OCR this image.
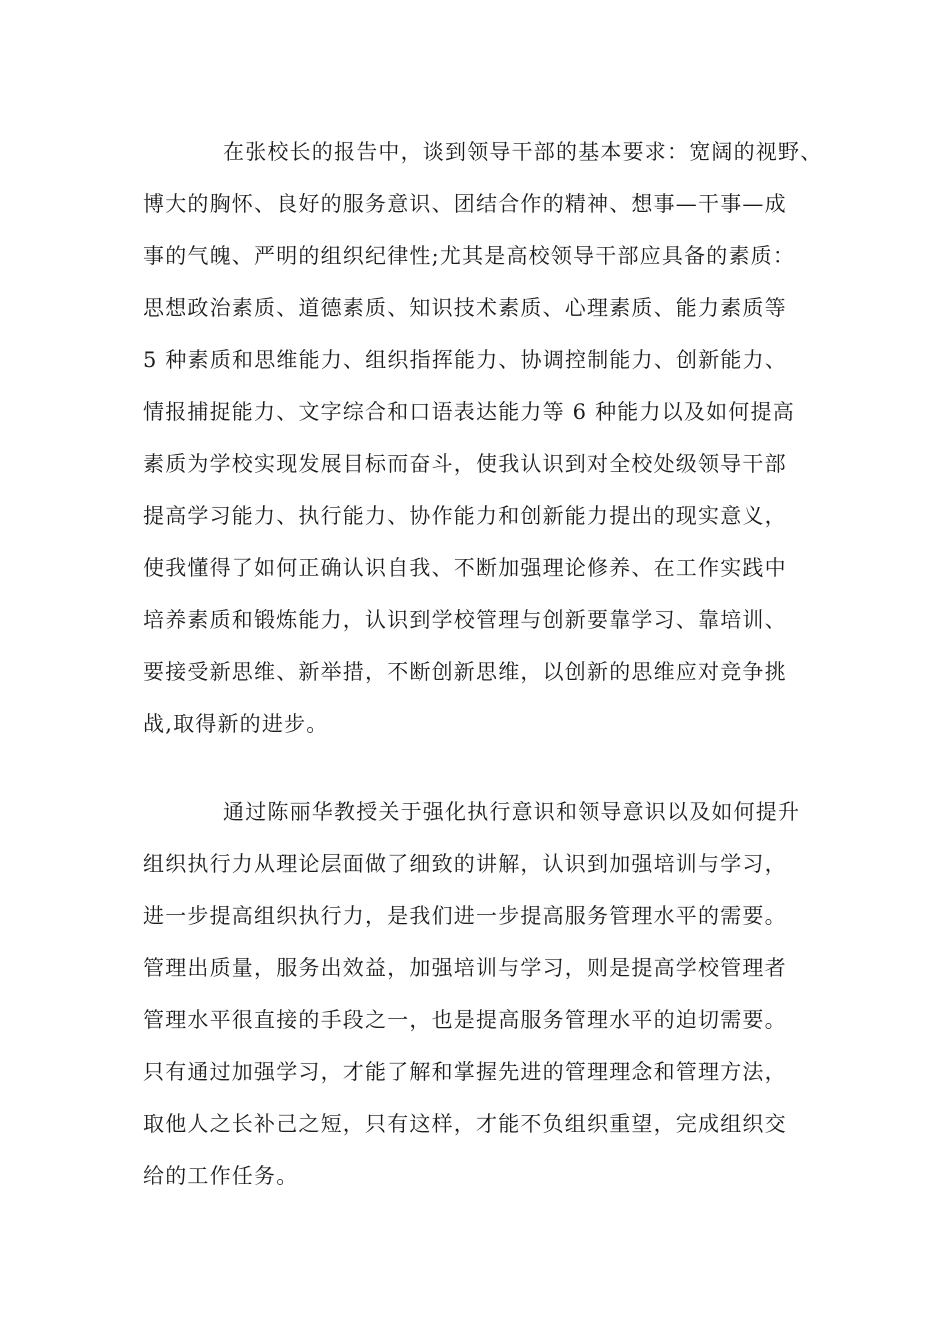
在张校长的报告中，谈到领导干部的基本要求：宽阔的视野、
博大的胸怀、良好的服务意识、团结合作的精神、想事—干事—成
事的气魄、严明的组织纪律性;尤其是高校领导干部应具备的素质：
思想政治素质、道德素质、知识技术素质、心理素质、能力素质等
5 种素质和思维能力、组织指挥能力、协调控制能力、创新能力、
情报捕捉能力、文字综合和口语表达能力等 6 种能力以及如何提高
素质为学校实现发展目标而奋斗，使我认识到对全校处级领导干部
提高学习能力、执行能力、协作能力和创新能力提出的现实意义，
使我懂得了如何正确认识自我、不断加强理论修养、在工作实践中
培养素质和锻炼能力，认识到学校管理与创新要靠学习、靠培训、
要接受新思维、新举措，不断创新思维，以创新的思维应对竞争挑
战,取得新的进步。
通过陈丽华教授关于强化执行意识和领导意识以及如何提升
组织执行力从理论层面做了细致的讲解，认识到加强培训与学习，
进一步提高组织执行力，是我们进一步提高服务管理水平的需要。
管理出质量，服务出效益，加强培训与学习，则是提高学校管理者
管理水平很直接的手段之一，也是提高服务管理水平的迫切需要。
只有通过加强学习，才能了解和掌握先进的管理理念和管理方法，
取他人之长补己之短，只有这样，才能不负组织重望，完成组织交
给的工作任务。
